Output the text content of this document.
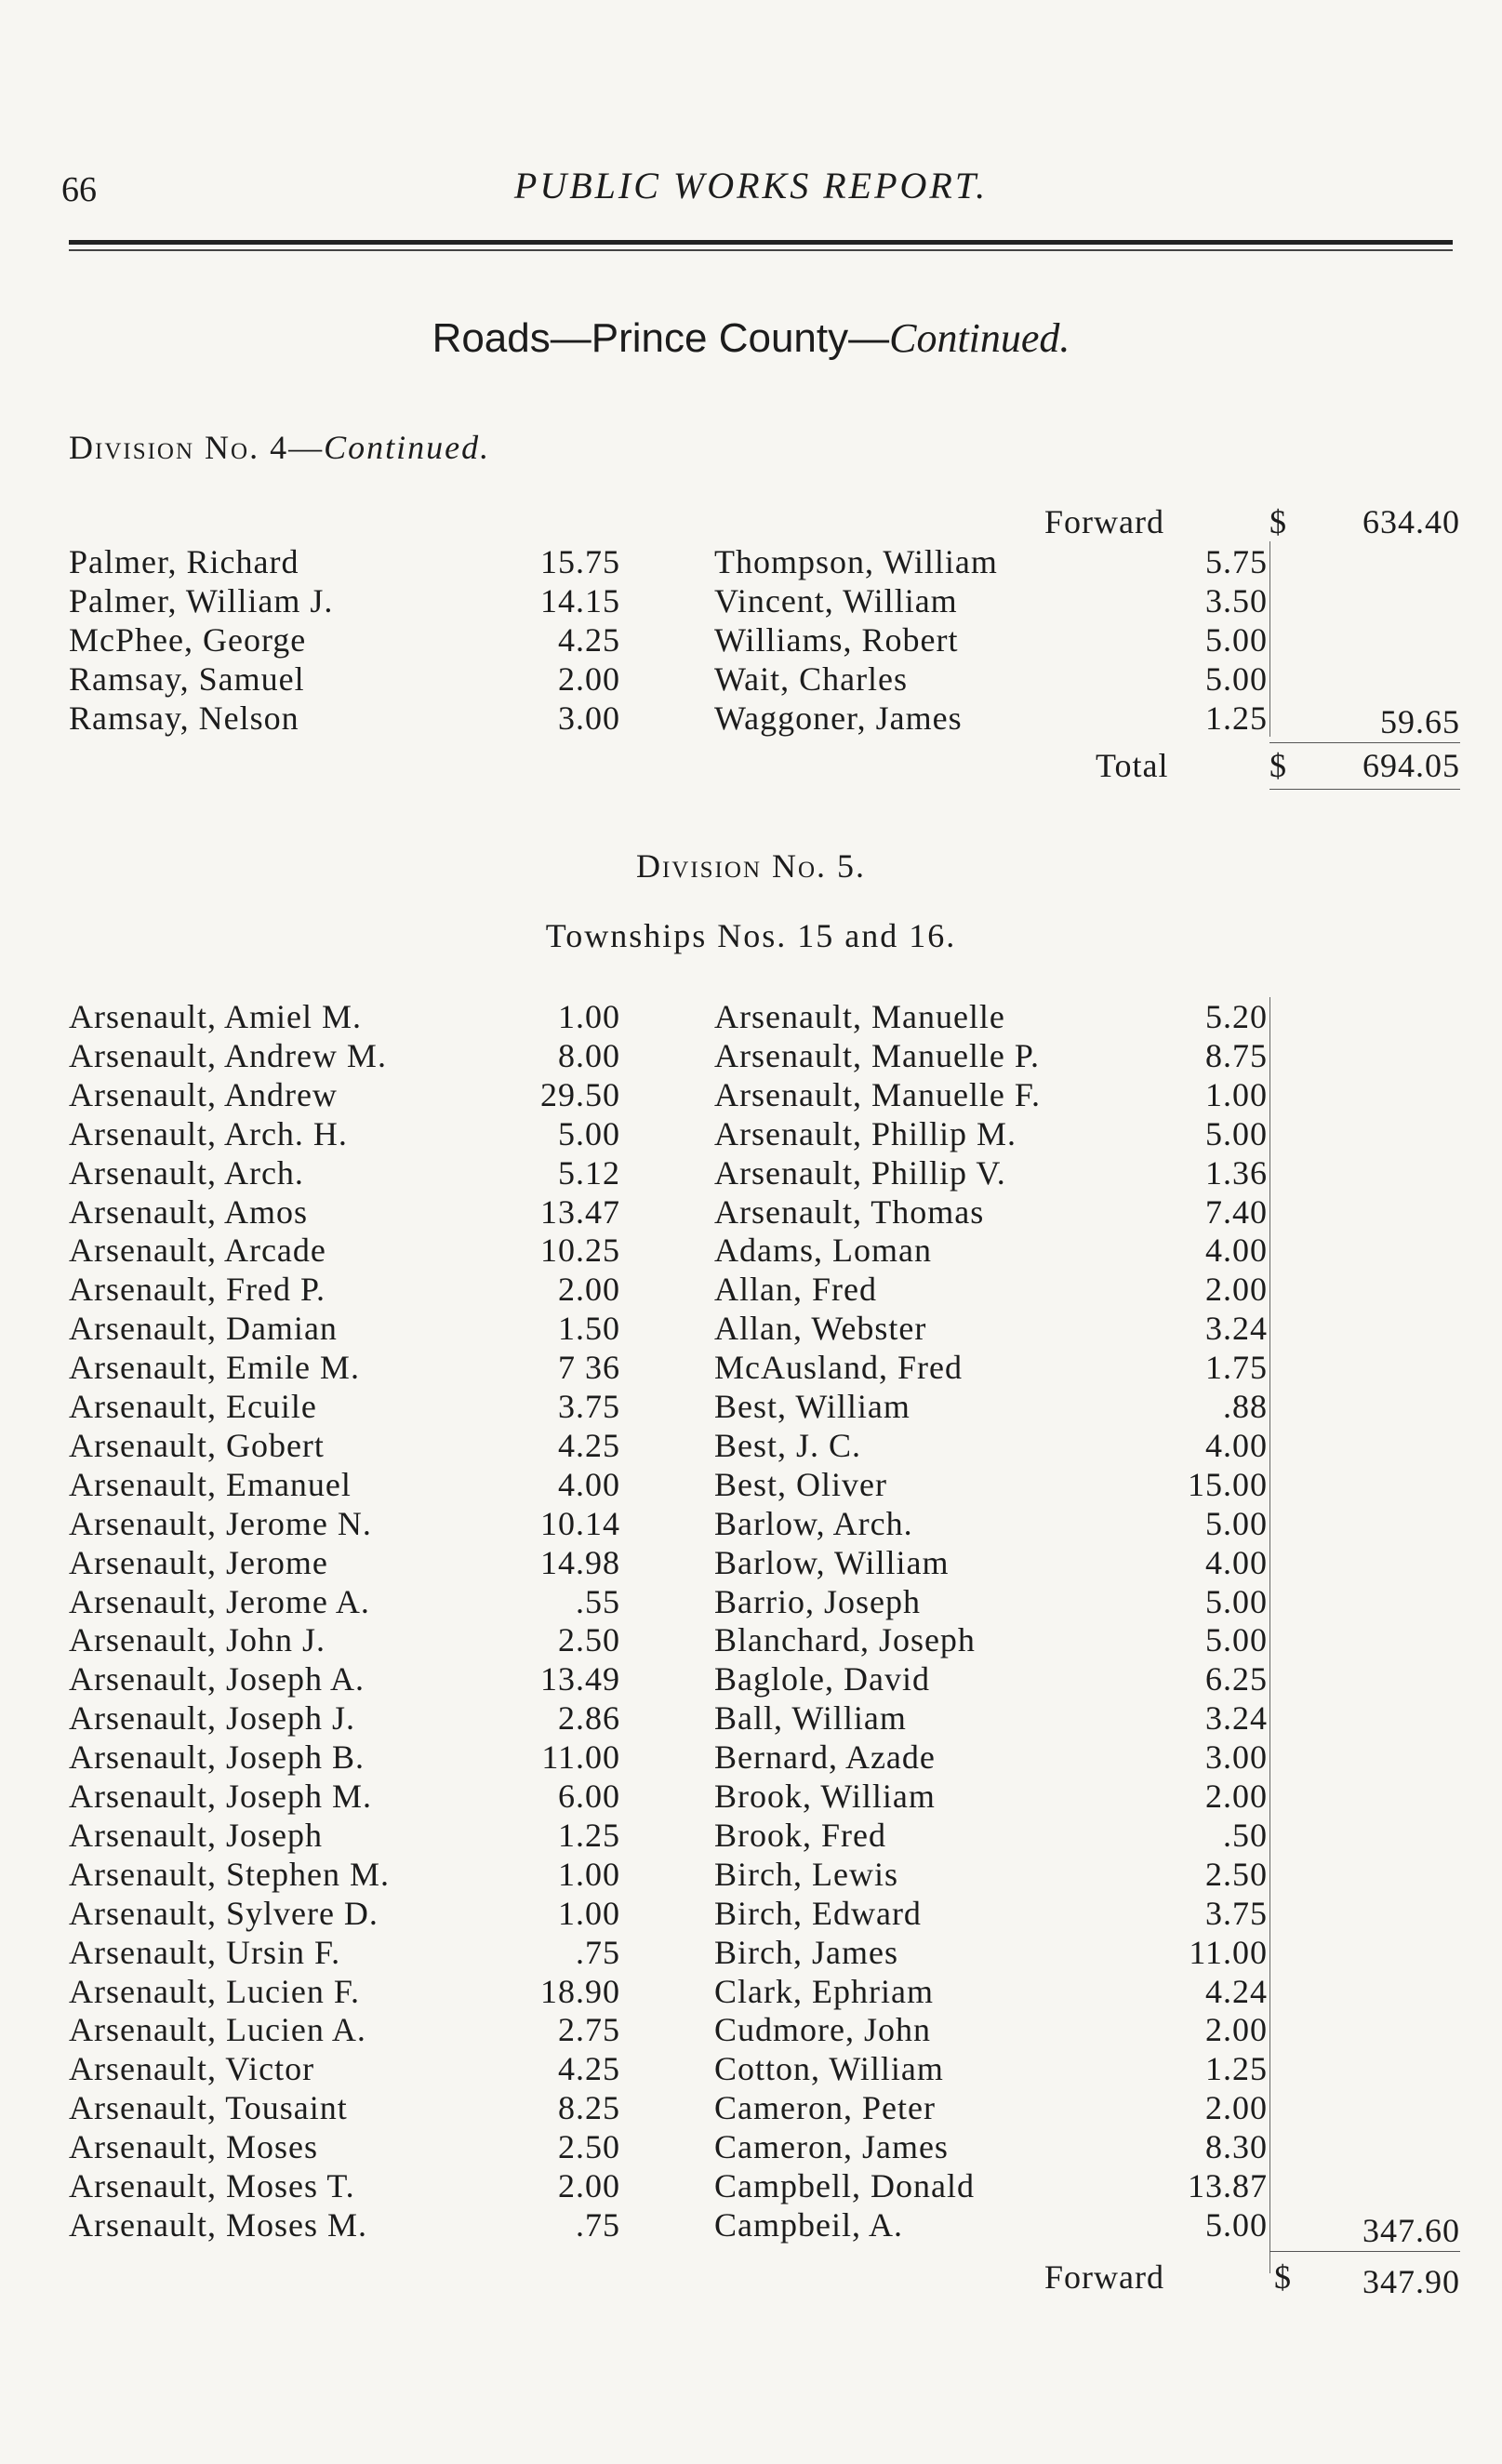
66	PUBLIC WORKS REPORT.
Roads—Prince County—Continued.
Division No. 4—Continued.
Forward	$ 634.40
Palmer, Richard	15.75
Palmer, William J.	14.15
McPhee, George	4.25
Ramsay, Samuel	2.00
Ramsay, Nelson	3.00
Thompson, William	5.75
Vincent, William	3.50
Williams, Robert	5.00
Wait, Charles	5.00
Waggoner, James	1.25	59.65
Total	$ 694.05
Division No. 5.
Townships Nos. 15 and 16.
Arsenault, Amiel M.	1.00
Arsenault, Andrew M.	8.00
Arsenault, Andrew	29.50
Arsenault, Arch. H.	5.00
Arsenault, Arch.	5.12
Arsenault, Amos	13.47
Arsenault, Arcade	10.25
Arsenault, Fred P.	2.00
Arsenault, Damian	1.50
Arsenault, Emile M.	7 36
Arsenault, Ecuile	3.75
Arsenault, Gobert	4.25
Arsenault, Emanuel	4.00
Arsenault, Jerome N.	10.14
Arsenault, Jerome	14.98
Arsenault, Jerome A.	.55
Arsenault, John J.	2.50
Arsenault, Joseph A.	13.49
Arsenault, Joseph J.	2.86
Arsenault, Joseph B.	11.00
Arsenault, Joseph M.	6.00
Arsenault, Joseph	1.25
Arsenault, Stephen M.	1.00
Arsenault, Sylvere D.	1.00
Arsenault, Ursin F.	.75
Arsenault, Lucien F.	18.90
Arsenault, Lucien A.	2.75
Arsenault, Victor	4.25
Arsenault, Tousaint	8.25
Arsenault, Moses	2.50
Arsenault, Moses T.	2.00
Arsenault, Moses M.	.75
Arsenault, Manuelle	5.20
Arsenault, Manuelle P.	8.75
Arsenault, Manuelle F.	1.00
Arsenault, Phillip M.	5.00
Arsenault, Phillip V.	1.36
Arsenault, Thomas	7.40
Adams, Loman	4.00
Allan, Fred	2.00
Allan, Webster	3.24
McAusland, Fred	1.75
Best, William	.88
Best, J. C.	4.00
Best, Oliver	15.00
Barlow, Arch.	5.00
Barlow, William	4.00
Barrio, Joseph	5.00
Blanchard, Joseph	5.00
Baglole, David	6.25
Ball, William	3.24
Bernard, Azade	3.00
Brook, William	2.00
Brook, Fred	.50
Birch, Lewis	2.50
Birch, Edward	3.75
Birch, James	11.00
Clark, Ephriam	4.24
Cudmore, John	2.00
Cotton, William	1.25
Cameron, Peter	2.00
Cameron, James	8.30
Campbell, Donald	13.87
Campbeil, A.	5.00	347.60
Forward	$ 347.90
